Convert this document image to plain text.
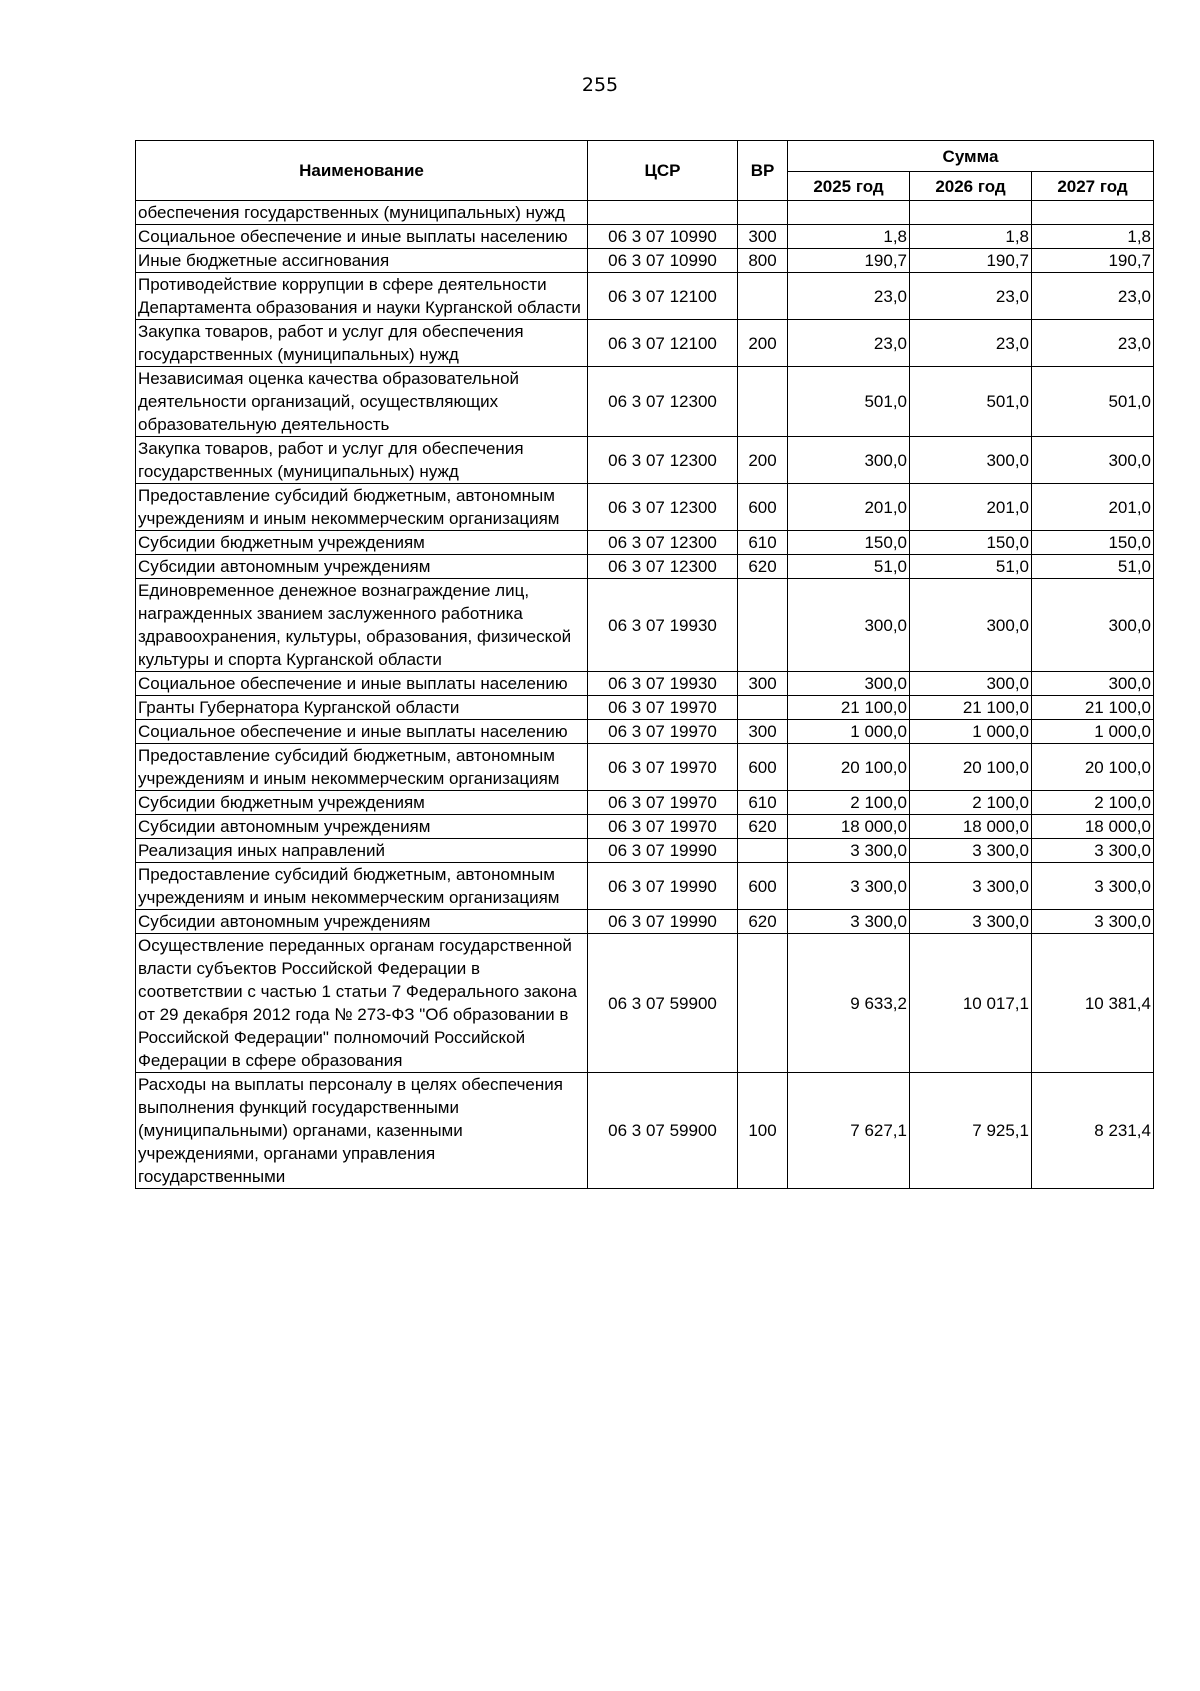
255
Наименование	ЦСР	ВР	Сумма		
			2025 год	2026 год	2027 год
обеспечения государственных (муниципальных) нужд					
Социальное обеспечение и иные выплаты населению	06 3 07 10990	300	1,8	1,8	1,8
Иные бюджетные ассигнования	06 3 07 10990	800	190,7	190,7	190,7
Противодействие коррупции в сфере деятельности Департамента образования и науки Курганской области	06 3 07 12100		23,0	23,0	23,0
Закупка товаров, работ и услуг для обеспечения государственных (муниципальных) нужд	06 3 07 12100	200	23,0	23,0	23,0
Независимая оценка качества образовательной деятельности организаций, осуществляющих образовательную деятельность	06 3 07 12300		501,0	501,0	501,0
Закупка товаров, работ и услуг для обеспечения государственных (муниципальных) нужд	06 3 07 12300	200	300,0	300,0	300,0
Предоставление субсидий бюджетным, автономным учреждениям и иным некоммерческим организациям	06 3 07 12300	600	201,0	201,0	201,0
Субсидии бюджетным учреждениям	06 3 07 12300	610	150,0	150,0	150,0
Субсидии автономным учреждениям	06 3 07 12300	620	51,0	51,0	51,0
Единовременное денежное вознаграждение лиц, награжденных званием заслуженного работника здравоохранения, культуры, образования, физической культуры и спорта Курганской области	06 3 07 19930		300,0	300,0	300,0
Социальное обеспечение и иные выплаты населению	06 3 07 19930	300	300,0	300,0	300,0
Гранты Губернатора Курганской области	06 3 07 19970		21 100,0	21 100,0	21 100,0
Социальное обеспечение и иные выплаты населению	06 3 07 19970	300	1 000,0	1 000,0	1 000,0
Предоставление субсидий бюджетным, автономным учреждениям и иным некоммерческим организациям	06 3 07 19970	600	20 100,0	20 100,0	20 100,0
Субсидии бюджетным учреждениям	06 3 07 19970	610	2 100,0	2 100,0	2 100,0
Субсидии автономным учреждениям	06 3 07 19970	620	18 000,0	18 000,0	18 000,0
Реализация иных направлений	06 3 07 19990		3 300,0	3 300,0	3 300,0
Предоставление субсидий бюджетным, автономным учреждениям и иным некоммерческим организациям	06 3 07 19990	600	3 300,0	3 300,0	3 300,0
Субсидии автономным учреждениям	06 3 07 19990	620	3 300,0	3 300,0	3 300,0
Осуществление переданных органам государственной власти субъектов Российской Федерации в соответствии с частью 1 статьи 7 Федерального закона от 29 декабря 2012 года № 273-ФЗ "Об образовании в Российской Федерации" полномочий Российской Федерации в сфере образования	06 3 07 59900		9 633,2	10 017,1	10 381,4
Расходы на выплаты персоналу в целях обеспечения выполнения функций государственными (муниципальными) органами, казенными учреждениями, органами управления государственными	06 3 07 59900	100	7 627,1	7 925,1	8 231,4
